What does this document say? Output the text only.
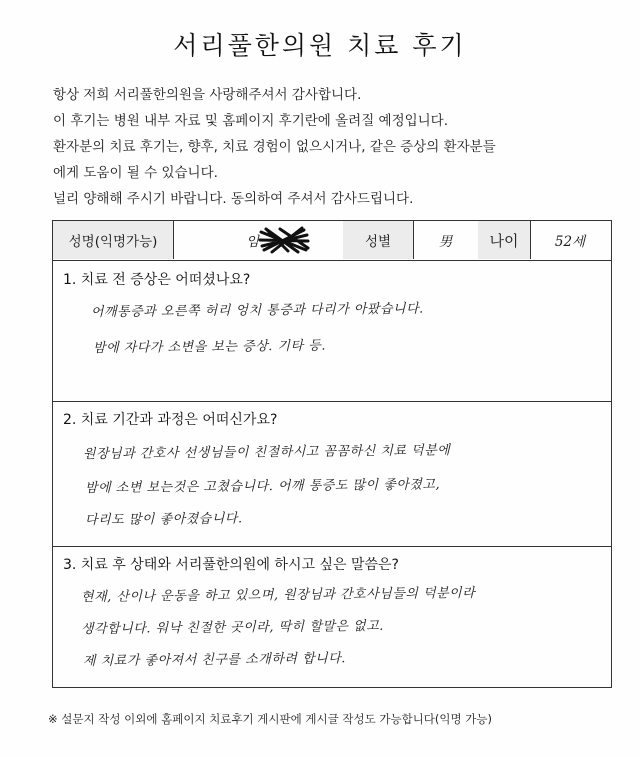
서리풀한의원 치료 후기
항상 저희 서리풀한의원을 사랑해주셔서 감사합니다.
이 후기는 병원 내부 자료 및 홈페이지 후기란에 올려질 예정입니다.
환자분의 치료 후기는, 향후, 치료 경험이 없으시거나, 같은 증상의 환자분들
에게 도움이 될 수 있습니다.
널리 양해해 주시기 바랍니다. 동의하여 주셔서 감사드립니다.
성명(익명가능)	임	성별	男	나이	52세
1. 치료 전 증상은 어떠셨나요?
어깨통증과 오른쪽 허리 엉치 통증과 다리가 아팠습니다.
밤에 자다가 소변을 보는 증상. 기타 등.
2. 치료 기간과 과정은 어떠신가요?
원장님과 간호사 선생님들이 친절하시고 꼼꼼하신 치료 덕분에
밤에 소변 보는것은 고쳤습니다. 어깨 통증도 많이 좋아졌고,
다리도 많이 좋아졌습니다.
3. 치료 후 상태와 서리풀한의원에 하시고 싶은 말씀은?
현재, 산이나 운동을 하고 있으며, 원장님과 간호사님들의 덕분이라
생각합니다. 워낙 친절한 곳이라, 딱히 할말은 없고.
제 치료가 좋아져서 친구를 소개하려 합니다.
※ 설문지 작성 이외에 홈페이지 치료후기 게시판에 게시글 작성도 가능합니다(익명 가능)
